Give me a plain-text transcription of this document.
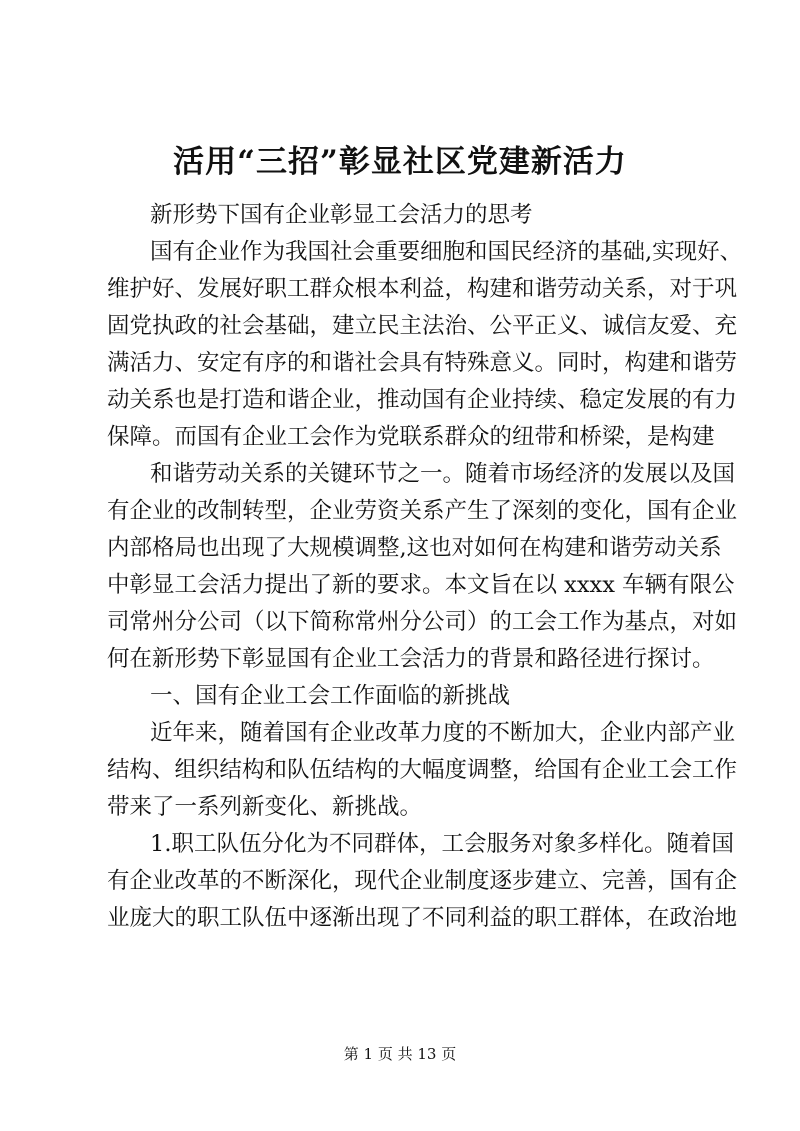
活用“三招”彰显社区党建新活力
新形势下国有企业彰显工会活力的思考
国有企业作为我国社会重要细胞和国民经济的基础,实现好、
维护好、发展好职工群众根本利益，构建和谐劳动关系，对于巩
固党执政的社会基础，建立民主法治、公平正义、诚信友爱、充
满活力、安定有序的和谐社会具有特殊意义。同时，构建和谐劳
动关系也是打造和谐企业，推动国有企业持续、稳定发展的有力
保障。而国有企业工会作为党联系群众的纽带和桥梁，是构建
和谐劳动关系的关键环节之一。随着市场经济的发展以及国
有企业的改制转型，企业劳资关系产生了深刻的变化，国有企业
内部格局也出现了大规模调整,这也对如何在构建和谐劳动关系
中彰显工会活力提出了新的要求。本文旨在以 xxxx 车辆有限公
司常州分公司（以下简称常州分公司）的工会工作为基点，对如
何在新形势下彰显国有企业工会活力的背景和路径进行探讨。
一、国有企业工会工作面临的新挑战
近年来，随着国有企业改革力度的不断加大，企业内部产业
结构、组织结构和队伍结构的大幅度调整，给国有企业工会工作
带来了一系列新变化、新挑战。
1.职工队伍分化为不同群体，工会服务对象多样化。随着国
有企业改革的不断深化，现代企业制度逐步建立、完善，国有企
业庞大的职工队伍中逐渐出现了不同利益的职工群体，在政治地
第 1 页 共 13 页
